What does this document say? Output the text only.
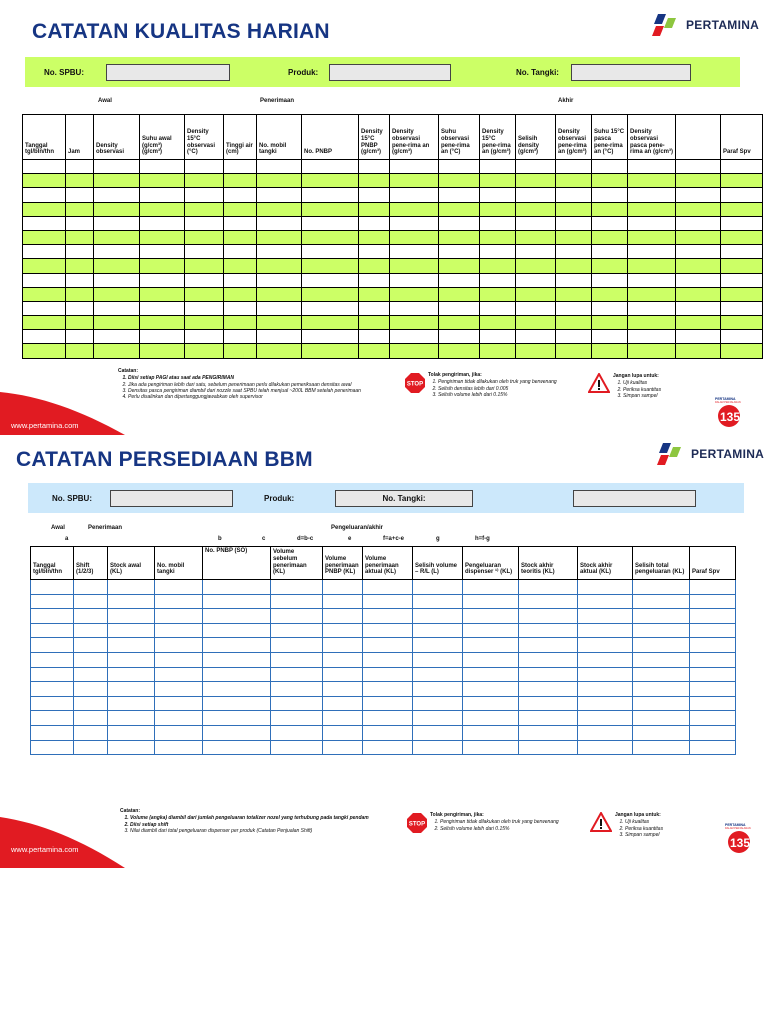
CATATAN KUALITAS HARIAN	PERTAMINA
No. SPBU:	Produk:	No. Tangki:
Awal	Penerimaan	Akhir
Tanggal tgl/bln/thn	Jam	Density observasi	Suhu awal (g/cm³) (g/cm³)	Density 15°C observasi (°C)	Tinggi air (cm)	No. mobil tangki	No. PNBP	Density 15°C PNBP (g/cm³)	Density observasi pene-rima an (g/cm³)	Suhu observasi pene-rima an (°C)	Density 15°C pene-rima an (g/cm³)	Selisih density (g/cm³)	Density observasi pene-rima an (g/cm³)	Suhu 15°C pasca pene-rima an (°C)	Density observasi pasca pene-rima an (g/cm³)		Paraf Spv

Catatan:
1. Diisi setiap PAGI atau saat ada PENGIRIMAN
2. Jika ada pengiriman lebih dari satu, sebelum penerimaan perlu dilakukan pemeriksaan densitas awal
3. Densitas pasca pengiriman diambil dari nozzle saat SPBU telah menjual ~200L BBM setelah penerimaan
4. Perlu disalinkan dan dipertanggungjawabkan oleh supervisor
STOP
Tolak pengiriman, jika:
1. Pengiriman tidak dilakukan oleh truk yang berwenang
2. Selisih densitas lebih dari 0.005
3. Selisih volume lebih dari 0.15%
Jangan lupa untuk:
1. Uji kualitas
2. Periksa kuantitas
3. Simpan sampel
www.pertamina.com
PERTAMINA
DALAM PERJALANAN
135
CATATAN PERSEDIAAN BBM	PERTAMINA
No. SPBU:	Produk:	No. Tangki:
Awal	Penerimaan	Pengeluaran/akhir
a	b	c	d=b-c	e	f=a+c-e	g	h=f-g
Tanggal tgl/bln/thn	Shift (1/2/3)	Stock awal (KL)	No. mobil tangki	No. PNBP (SO)	Volume sebelum penerimaan (KL)	Volume penerimaan PNBP (KL)	Volume penerimaan aktual (KL)	Selisih volume – R/L (L)	Pengeluaran dispenser ¹⁾ (KL)	Stock akhir teoritis (KL)	Stock akhir aktual (KL)	Selisih total pengeluaran (KL)	Paraf Spv

Catatan:
1. Volume (angka) diambil dari jumlah pengeluaran totalizer nozel yang terhubung pada tangki pendam
2. Diisi setiap shift
3. Nilai diambil dari total pengeluaran dispenser per produk (Catatan Penjualan Shift)
STOP
Tolak pengiriman, jika:
1. Pengiriman tidak dilakukan oleh truk yang berwenang
2. Selisih volume lebih dari 0.15%
Jangan lupa untuk:
1. Uji kualitas
2. Periksa kuantitas
3. Simpan sampel
www.pertamina.com
PERTAMINA
DALAM PERJALANAN
135
